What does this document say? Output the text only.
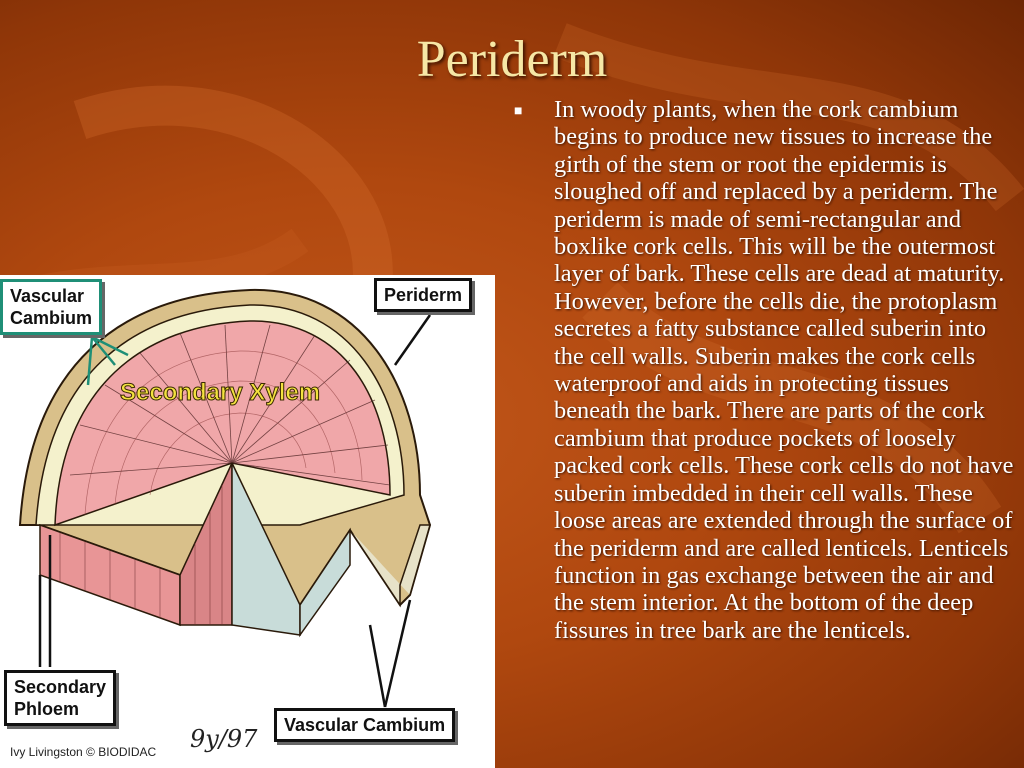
Periderm
■	In woody plants, when the cork cambium begins to produce new tissues to increase the girth of the stem or root the epidermis is sloughed off and replaced by a periderm. The periderm is made of semi-rectangular and boxlike cork cells. This will be the outermost layer of bark. These cells are dead at maturity. However, before the cells die, the protoplasm secretes a fatty substance called suberin into the cell walls. Suberin makes the cork cells waterproof and aids in protecting tissues beneath the bark. There are parts of the cork cambium that produce pockets of loosely packed cork cells. These cork cells do not have suberin imbedded in their cell walls. These loose areas are extended through the surface of the periderm and are called lenticels. Lenticels function in gas exchange between the air and the stem interior. At the bottom of the deep fissures in tree bark are the lenticels.

Secondary Xylem
Vascular
Cambium
Periderm
Secondary
Phloem
Vascular Cambium
9y/97
Ivy Livingston © BIODIDAC
